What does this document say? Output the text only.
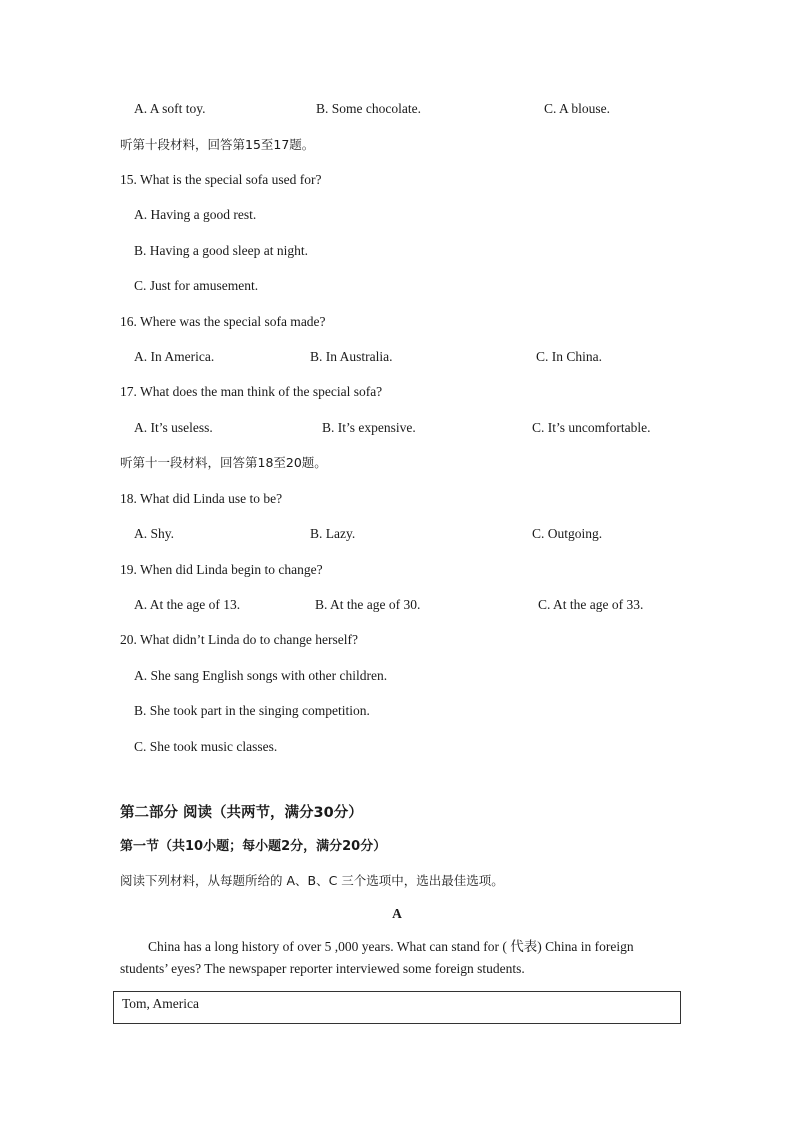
A. A soft toy.	B. Some chocolate.	C. A blouse.
听第十段材料，回答第15至17题。
15. What is the special sofa used for?
A. Having a good rest.
B. Having a good sleep at night.
C. Just for amusement.
16. Where was the special sofa made?
A. In America.	B. In Australia.	C. In China.
17. What does the man think of the special sofa?
A. It’s useless.	B. It’s expensive.	C. It’s uncomfortable.
听第十一段材料，回答第18至20题。
18. What did Linda use to be?
A. Shy.	B. Lazy.	C. Outgoing.
19. When did Linda begin to change?
A. At the age of 13.	B. At the age of 30.	C. At the age of 33.
20. What didn’t Linda do to change herself?
A. She sang English songs with other children.
B. She took part in the singing competition.
C. She took music classes.
第二部分 阅读（共两节，满分30分）
第一节（共10小题；每小题2分，满分20分）
阅读下列材料，从每题所给的 A、B、C 三个选项中，选出最佳选项。
A
China has a long history of over 5 ,000 years. What can stand for ( 代表) China in foreign students’ eyes? The newspaper reporter interviewed some foreign students.
Tom, America
